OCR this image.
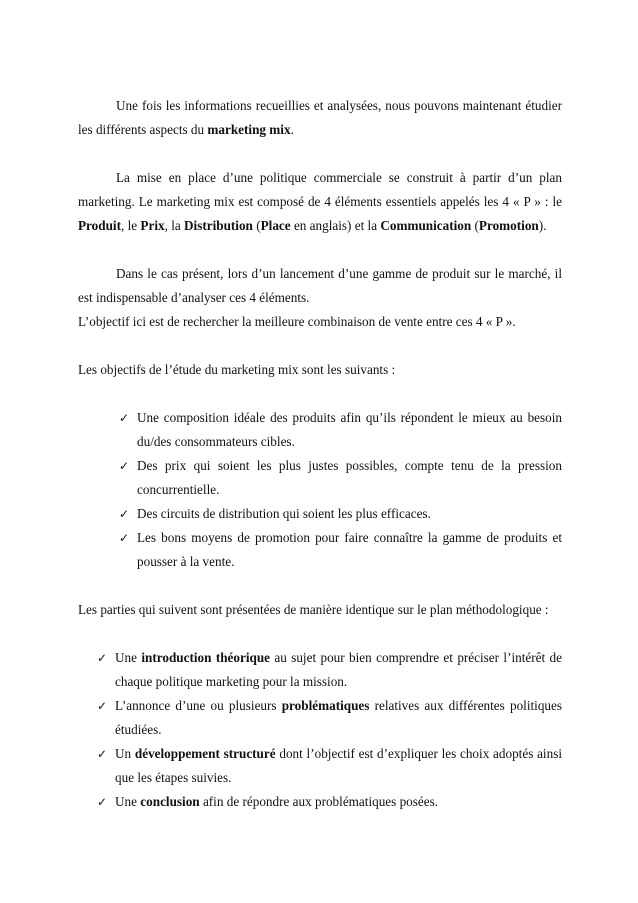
Une fois les informations recueillies et analysées, nous pouvons maintenant étudier les différents aspects du marketing mix.

La mise en place d’une politique commerciale se construit à partir d’un plan marketing. Le marketing mix est composé de 4 éléments essentiels appelés les 4 « P » : le Produit, le Prix, la Distribution (Place en anglais) et la Communication (Promotion).

Dans le cas présent, lors d’un lancement d’une gamme de produit sur le marché, il est indispensable d’analyser ces 4 éléments.

L’objectif ici est de rechercher la meilleure combinaison de vente entre ces 4 « P ».

Les objectifs de l’étude du marketing mix sont les suivants :

✓ Une composition idéale des produits afin qu’ils répondent le mieux au besoin du/des consommateurs cibles.
✓ Des prix qui soient les plus justes possibles, compte tenu de la pression concurrentielle.
✓ Des circuits de distribution qui soient les plus efficaces.
✓ Les bons moyens de promotion pour faire connaître la gamme de produits et pousser à la vente.

Les parties qui suivent sont présentées de manière identique sur le plan méthodologique :

✓ Une introduction théorique au sujet pour bien comprendre et préciser l’intérêt de chaque politique marketing pour la mission.
✓ L’annonce d’une ou plusieurs problématiques relatives aux différentes politiques étudiées.
✓ Un développement structuré dont l’objectif est d’expliquer les choix adoptés ainsi que les étapes suivies.
✓ Une conclusion afin de répondre aux problématiques posées.
